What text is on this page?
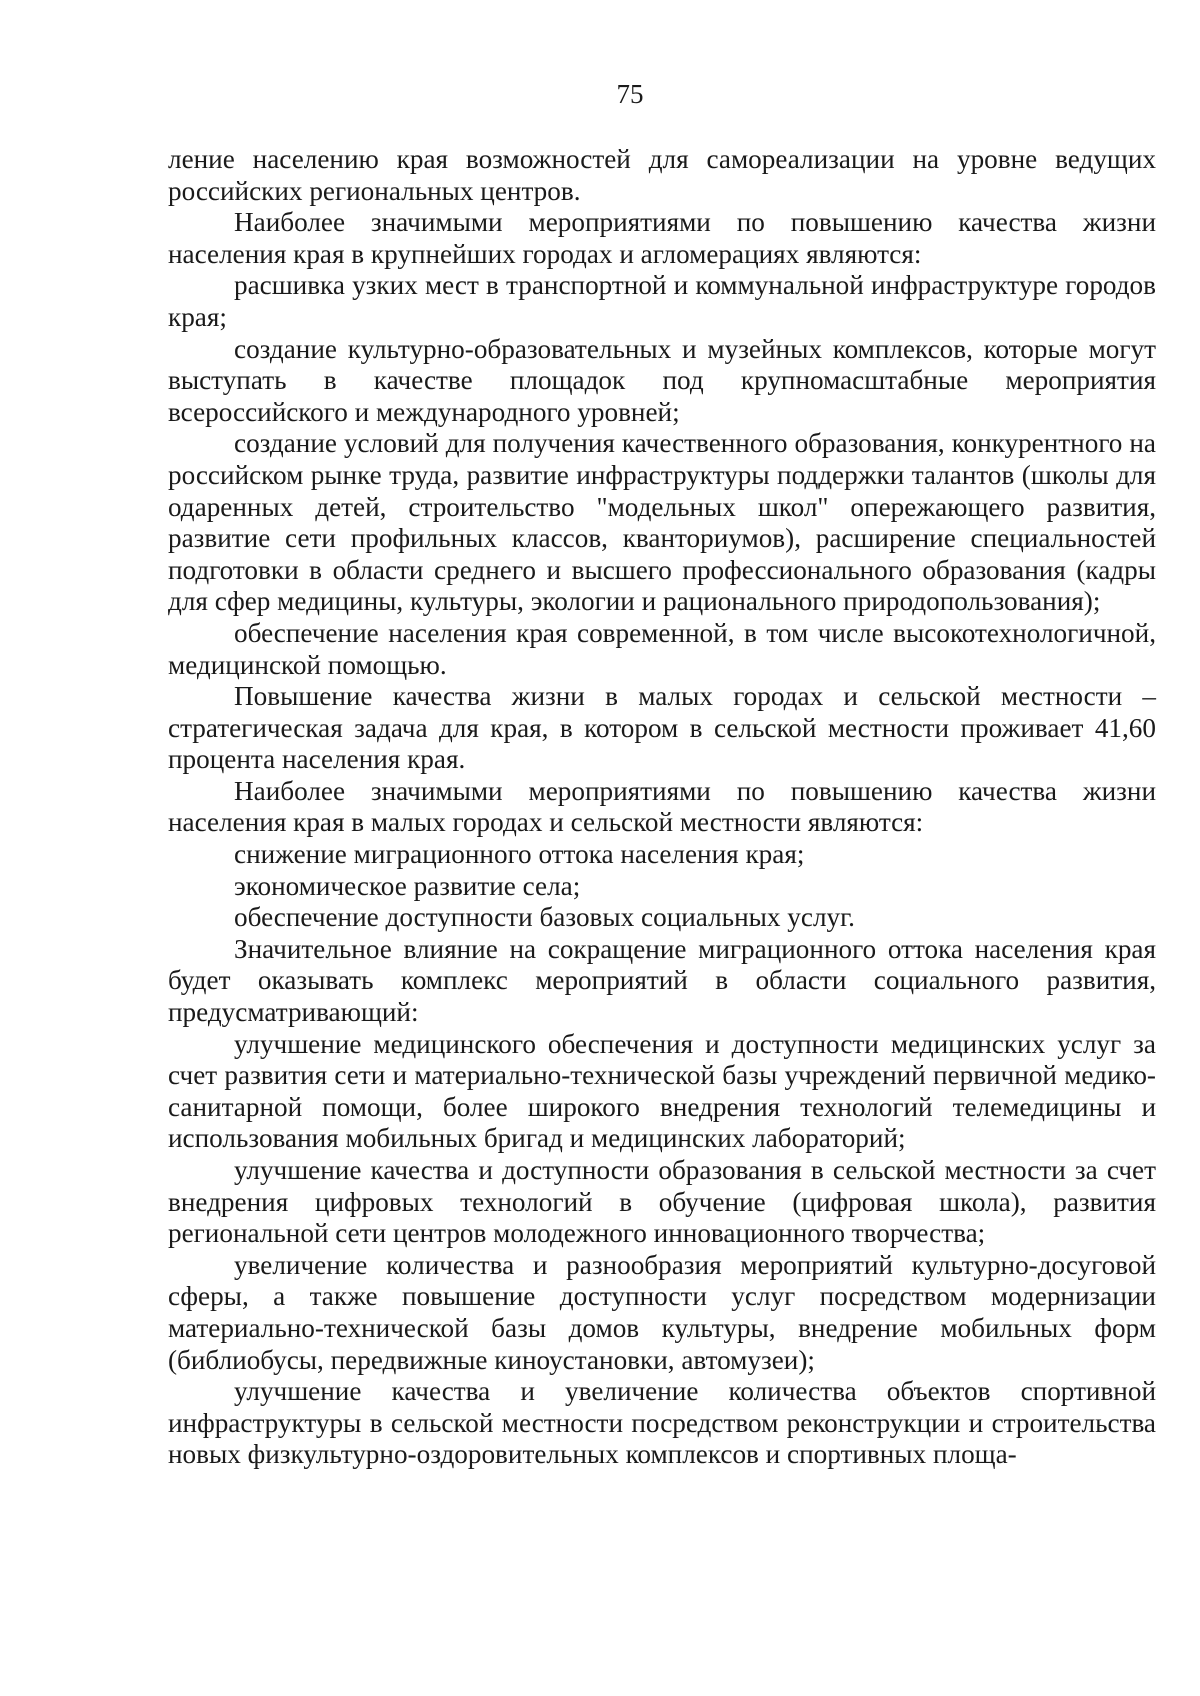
75

ление населению края возможностей для самореализации на уровне ведущих российских региональных центров.

Наиболее значимыми мероприятиями по повышению качества жизни населения края в крупнейших городах и агломерациях являются:

расшивка узких мест в транспортной и коммунальной инфраструктуре городов края;

создание культурно-образовательных и музейных комплексов, которые могут выступать в качестве площадок под крупномасштабные мероприятия всероссийского и международного уровней;

создание условий для получения качественного образования, конкурентного на российском рынке труда, развитие инфраструктуры поддержки талантов (школы для одаренных детей, строительство "модельных школ" опережающего развития, развитие сети профильных классов, кванториумов), расширение специальностей подготовки в области среднего и высшего профессионального образования (кадры для сфер медицины, культуры, экологии и рационального природопользования);

обеспечение населения края современной, в том числе высокотехнологичной, медицинской помощью.

Повышение качества жизни в малых городах и сельской местности – стратегическая задача для края, в котором в сельской местности проживает 41,60 процента населения края.

Наиболее значимыми мероприятиями по повышению качества жизни населения края в малых городах и сельской местности являются:

снижение миграционного оттока населения края;

экономическое развитие села;

обеспечение доступности базовых социальных услуг.

Значительное влияние на сокращение миграционного оттока населения края будет оказывать комплекс мероприятий в области социального развития, предусматривающий:

улучшение медицинского обеспечения и доступности медицинских услуг за счет развития сети и материально-технической базы учреждений первичной медико-санитарной помощи, более широкого внедрения технологий телемедицины и использования мобильных бригад и медицинских лабораторий;

улучшение качества и доступности образования в сельской местности за счет внедрения цифровых технологий в обучение (цифровая школа), развития региональной сети центров молодежного инновационного творчества;

увеличение количества и разнообразия мероприятий культурно-досуговой сферы, а также повышение доступности услуг посредством модернизации материально-технической базы домов культуры, внедрение мобильных форм (библиобусы, передвижные киноустановки, автомузеи);

улучшение качества и увеличение количества объектов спортивной инфраструктуры в сельской местности посредством реконструкции и строительства новых физкультурно-оздоровительных комплексов и спортивных площа-
